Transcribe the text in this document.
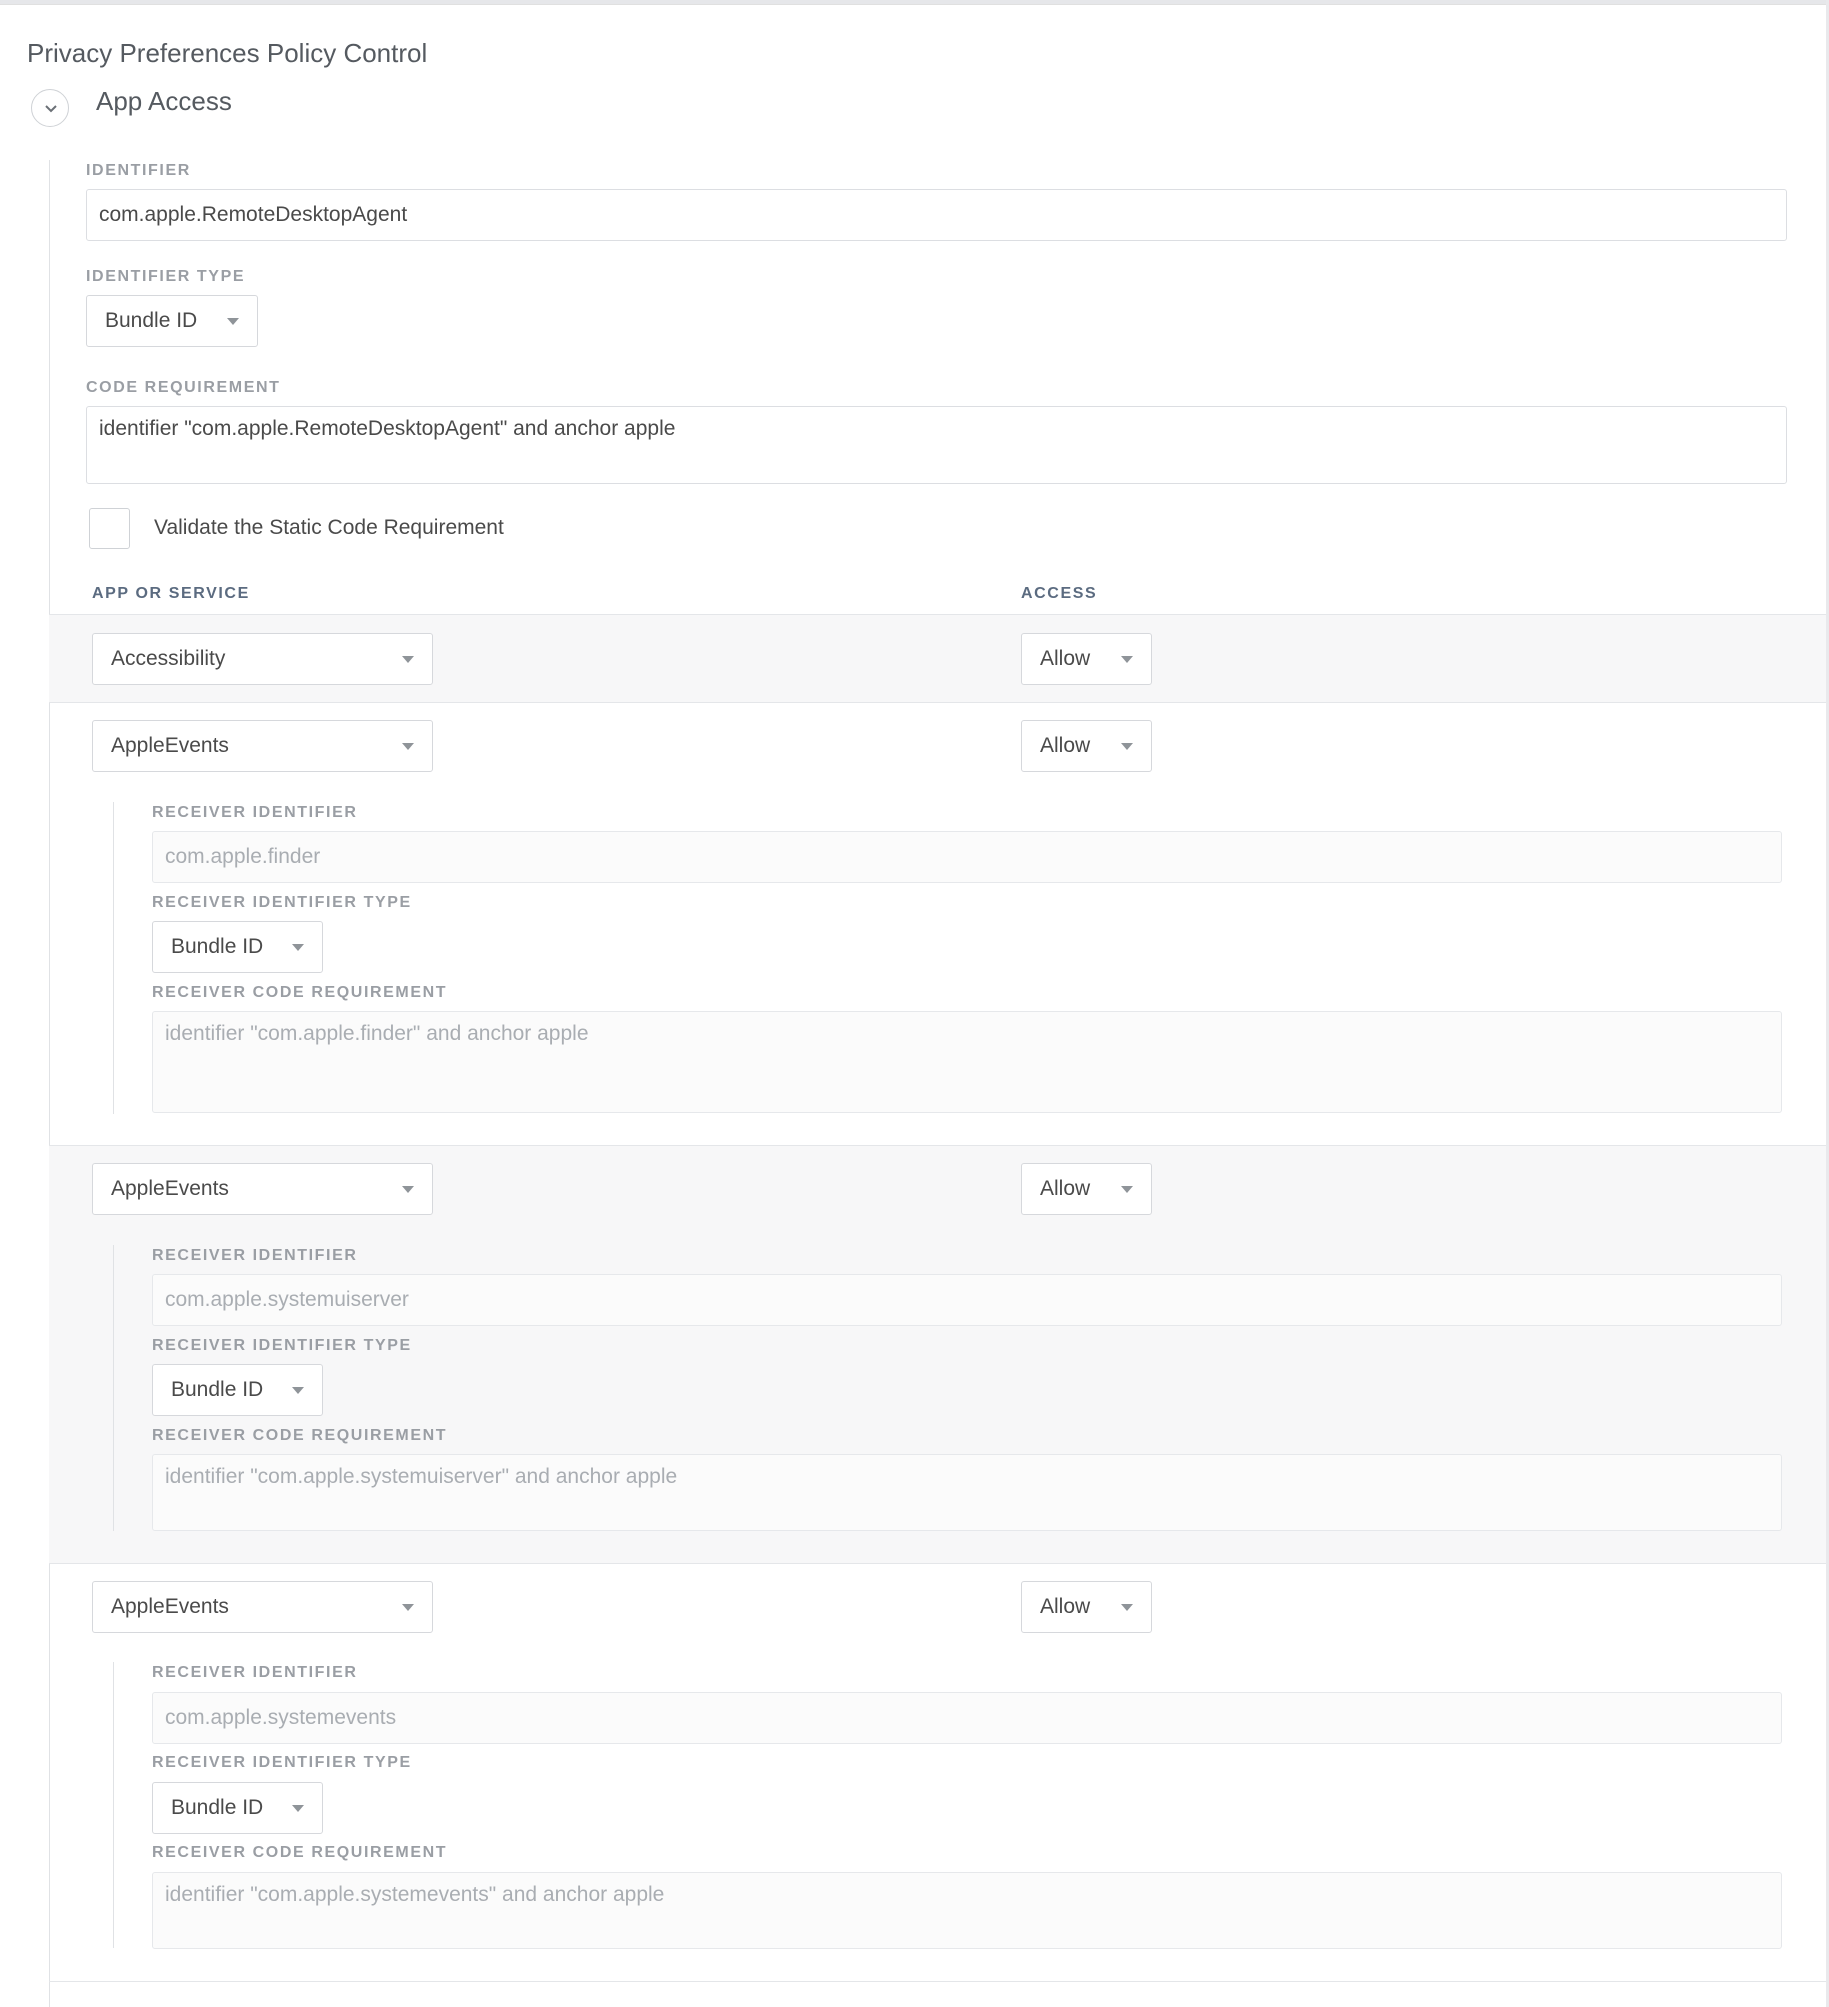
Privacy Preferences Policy Control
App Access
IDENTIFIER
com.apple.RemoteDesktopAgent
IDENTIFIER TYPE
Bundle ID
CODE REQUIREMENT
identifier "com.apple.RemoteDesktopAgent" and anchor apple
Validate the Static Code Requirement
APP OR SERVICE	ACCESS
Accessibility	Allow
AppleEvents	Allow
RECEIVER IDENTIFIER
com.apple.finder
RECEIVER IDENTIFIER TYPE
Bundle ID
RECEIVER CODE REQUIREMENT
identifier "com.apple.finder" and anchor apple
AppleEvents	Allow
RECEIVER IDENTIFIER
com.apple.systemuiserver
RECEIVER IDENTIFIER TYPE
Bundle ID
RECEIVER CODE REQUIREMENT
identifier "com.apple.systemuiserver" and anchor apple
AppleEvents	Allow
RECEIVER IDENTIFIER
com.apple.systemevents
RECEIVER IDENTIFIER TYPE
Bundle ID
RECEIVER CODE REQUIREMENT
identifier "com.apple.systemevents" and anchor apple
